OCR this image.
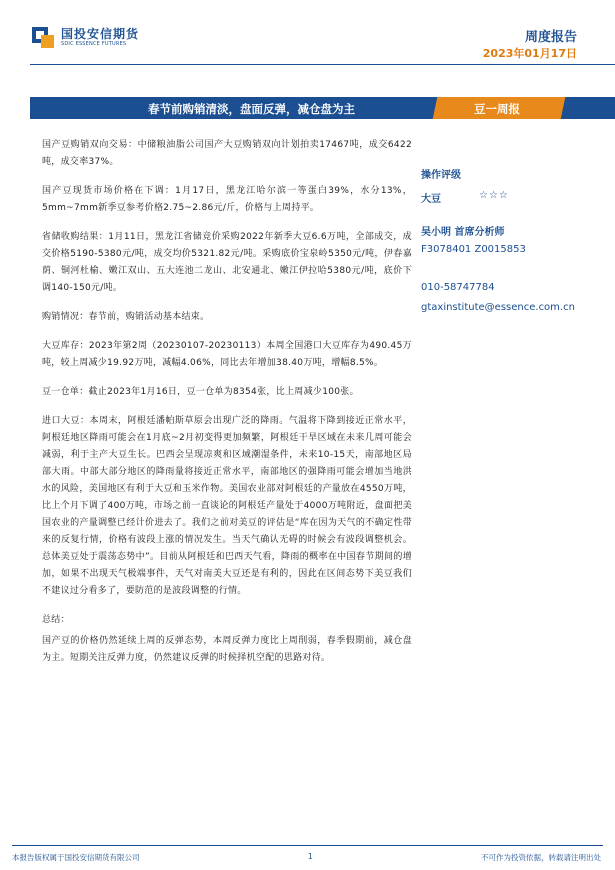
国投安信期货
SDIC ESSENCE FUTURES	周度报告
2023年01月17日
春节前购销清淡，盘面反弹，减仓盘为主	豆一周报

国产豆购销双向交易：中储粮油脂公司国产大豆购销双向计划拍卖17467吨，成交6422吨，成交率37%。

国产豆现货市场价格在下调：1月17日，黑龙江哈尔滨一等蛋白39%，水分13%，5mm~7mm新季豆参考价格2.75~2.86元/斤，价格与上周持平。

省储收购结果：1月11日，黑龙江省储竞价采购2022年新季大豆6.6万吨，全部成交，成交价格5190-5380元/吨，成交均价5321.82元/吨。采购底价宝泉岭5350元/吨，伊春嘉荫、铜河杜榆、嫩江双山、五大连池二龙山、北安通北、嫩江伊拉哈5380元/吨，底价下调140-150元/吨。

购销情况：春节前，购销活动基本结束。

大豆库存：2023年第2周（20230107-20230113）本周全国港口大豆库存为490.45万吨，较上周减少19.92万吨，减幅4.06%，同比去年增加38.40万吨，增幅8.5%。

豆一仓单：截止2023年1月16日，豆一仓单为8354张，比上周减少100张。

进口大豆：本周末，阿根廷潘帕斯草原会出现广泛的降雨。气温将下降到接近正常水平，阿根廷地区降雨可能会在1月底~2月初变得更加频繁，阿根廷干旱区域在未来几周可能会减弱，利于主产大豆生长。巴西会呈现凉爽和区域潮湿条件，未来10-15天，南部地区局部大雨。中部大部分地区的降雨量将接近正常水平，南部地区的强降雨可能会增加当地洪水的风险，美国地区有利于大豆和玉米作物。美国农业部对阿根廷的产量放在4550万吨，比上个月下调了400万吨，市场之前一直谈论的阿根廷产量处于4000万吨附近，盘面把美国农业的产量调整已经计价进去了。我们之前对美豆的评估是“库在因为天气的不确定性带来的反复行情，价格有波段上涨的情况发生。当天气确认无碍的时候会有波段调整机会。总体美豆处于震荡态势中”。目前从阿根廷和巴西天气看，降雨的概率在中国春节期间的增加，如果不出现天气极端事件，天气对南美大豆还是有利的，因此在区间态势下美豆我们不建议过分看多了，要防范的是波段调整的行情。

总结：

国产豆的价格仍然延续上周的反弹态势，本周反弹力度比上周削弱，春季假期前，减仓盘为主。短期关注反弹力度，仍然建议反弹的时候择机空配的思路对待。

操作评级
大豆	☆☆☆
吴小明 首席分析师
F3078401 Z0015853
010-58747784
gtaxinstitute@essence.com.cn
本报告版权属于国投安信期货有限公司	1	不可作为投资依据，转载请注明出处
